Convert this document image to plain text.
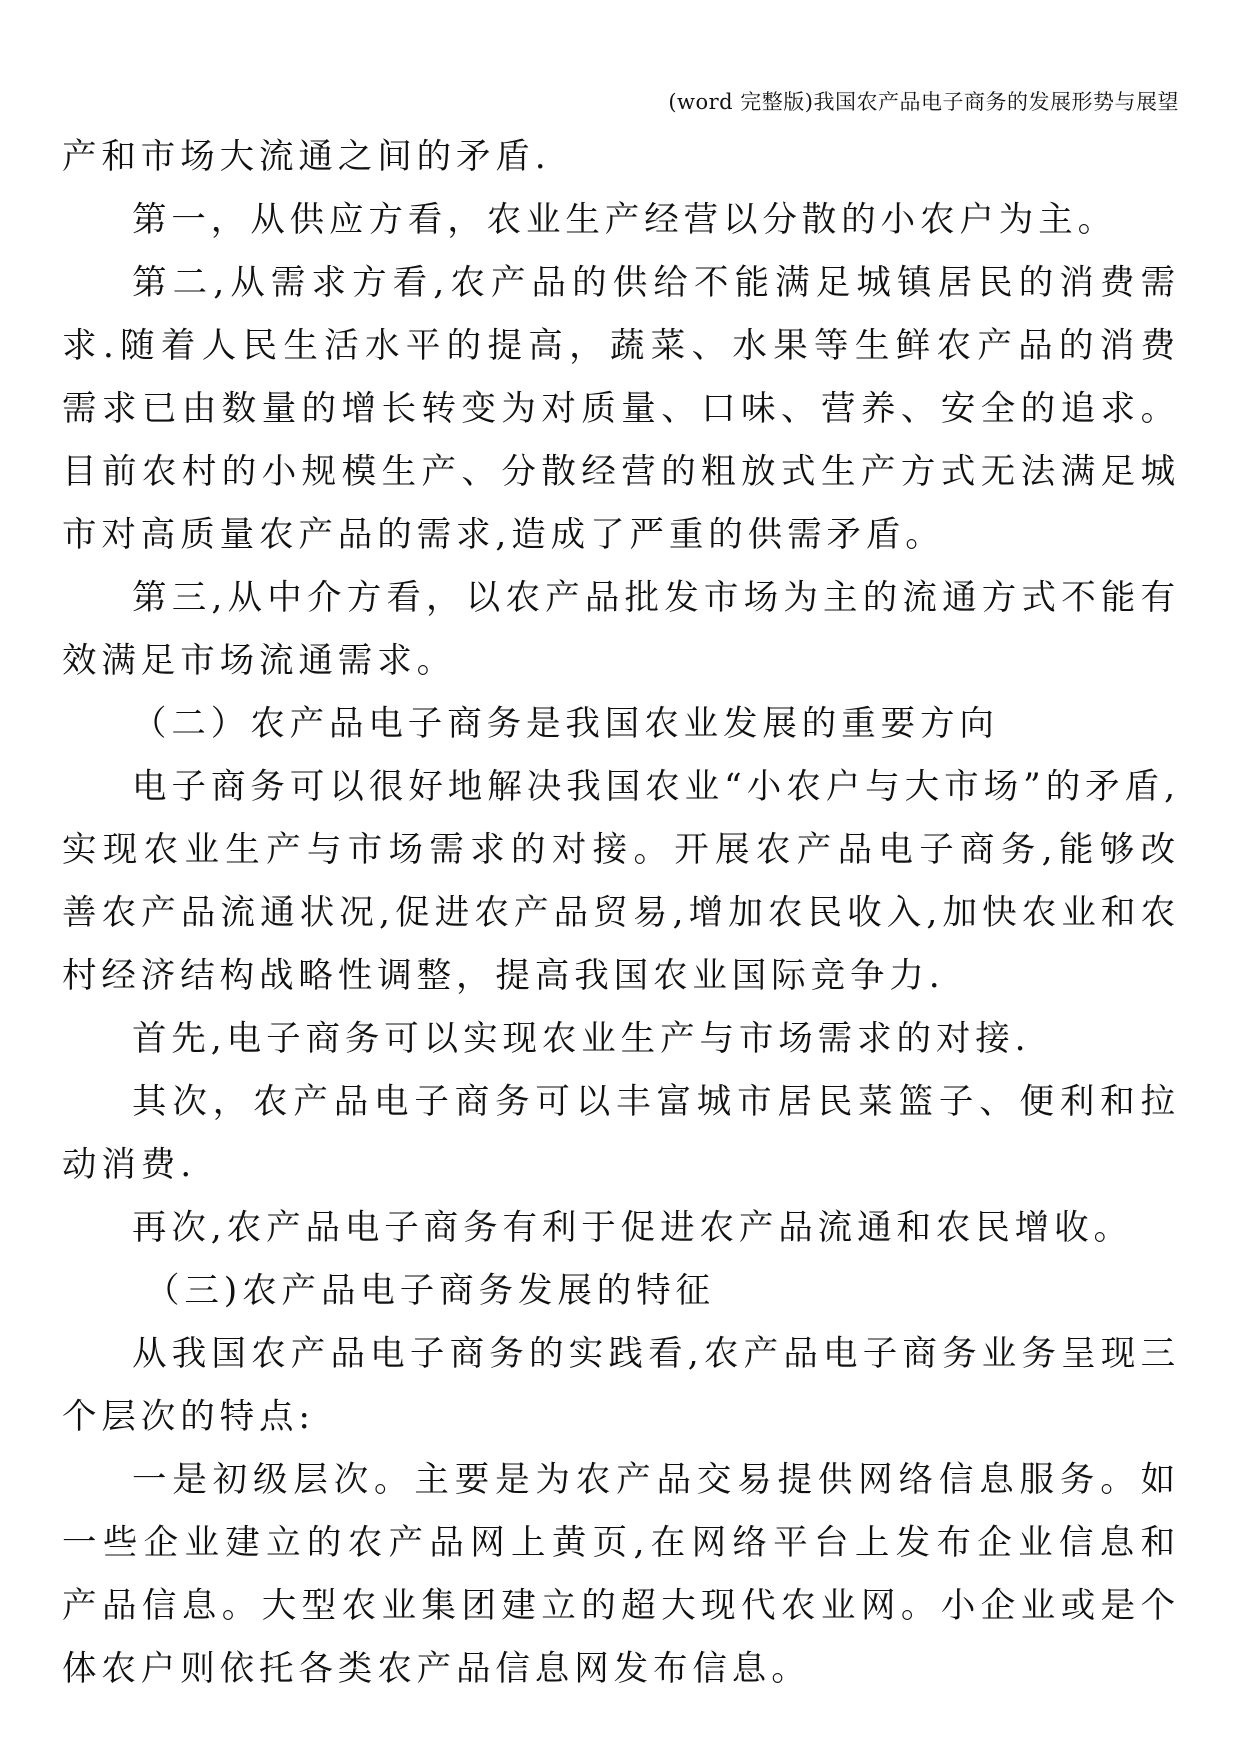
(word 完整版)我国农产品电子商务的发展形势与展望

产和市场大流通之间的矛盾.

第一，从供应方看，农业生产经营以分散的小农户为主。

第二,从需求方看,农产品的供给不能满足城镇居民的消费需求.随着人民生活水平的提高，蔬菜、水果等生鲜农产品的消费需求已由数量的增长转变为对质量、口味、营养、安全的追求。目前农村的小规模生产、分散经营的粗放式生产方式无法满足城市对高质量农产品的需求,造成了严重的供需矛盾。

第三,从中介方看，以农产品批发市场为主的流通方式不能有效满足市场流通需求。

（二）农产品电子商务是我国农业发展的重要方向

电子商务可以很好地解决我国农业“小农户与大市场”的矛盾,实现农业生产与市场需求的对接。开展农产品电子商务,能够改善农产品流通状况,促进农产品贸易,增加农民收入,加快农业和农村经济结构战略性调整，提高我国农业国际竞争力.

首先,电子商务可以实现农业生产与市场需求的对接.

其次，农产品电子商务可以丰富城市居民菜篮子、便利和拉动消费.

再次,农产品电子商务有利于促进农产品流通和农民增收。

（三)农产品电子商务发展的特征

从我国农产品电子商务的实践看,农产品电子商务业务呈现三个层次的特点:

一是初级层次。主要是为农产品交易提供网络信息服务。如一些企业建立的农产品网上黄页,在网络平台上发布企业信息和产品信息。大型农业集团建立的超大现代农业网。小企业或是个体农户则依托各类农产品信息网发布信息。
